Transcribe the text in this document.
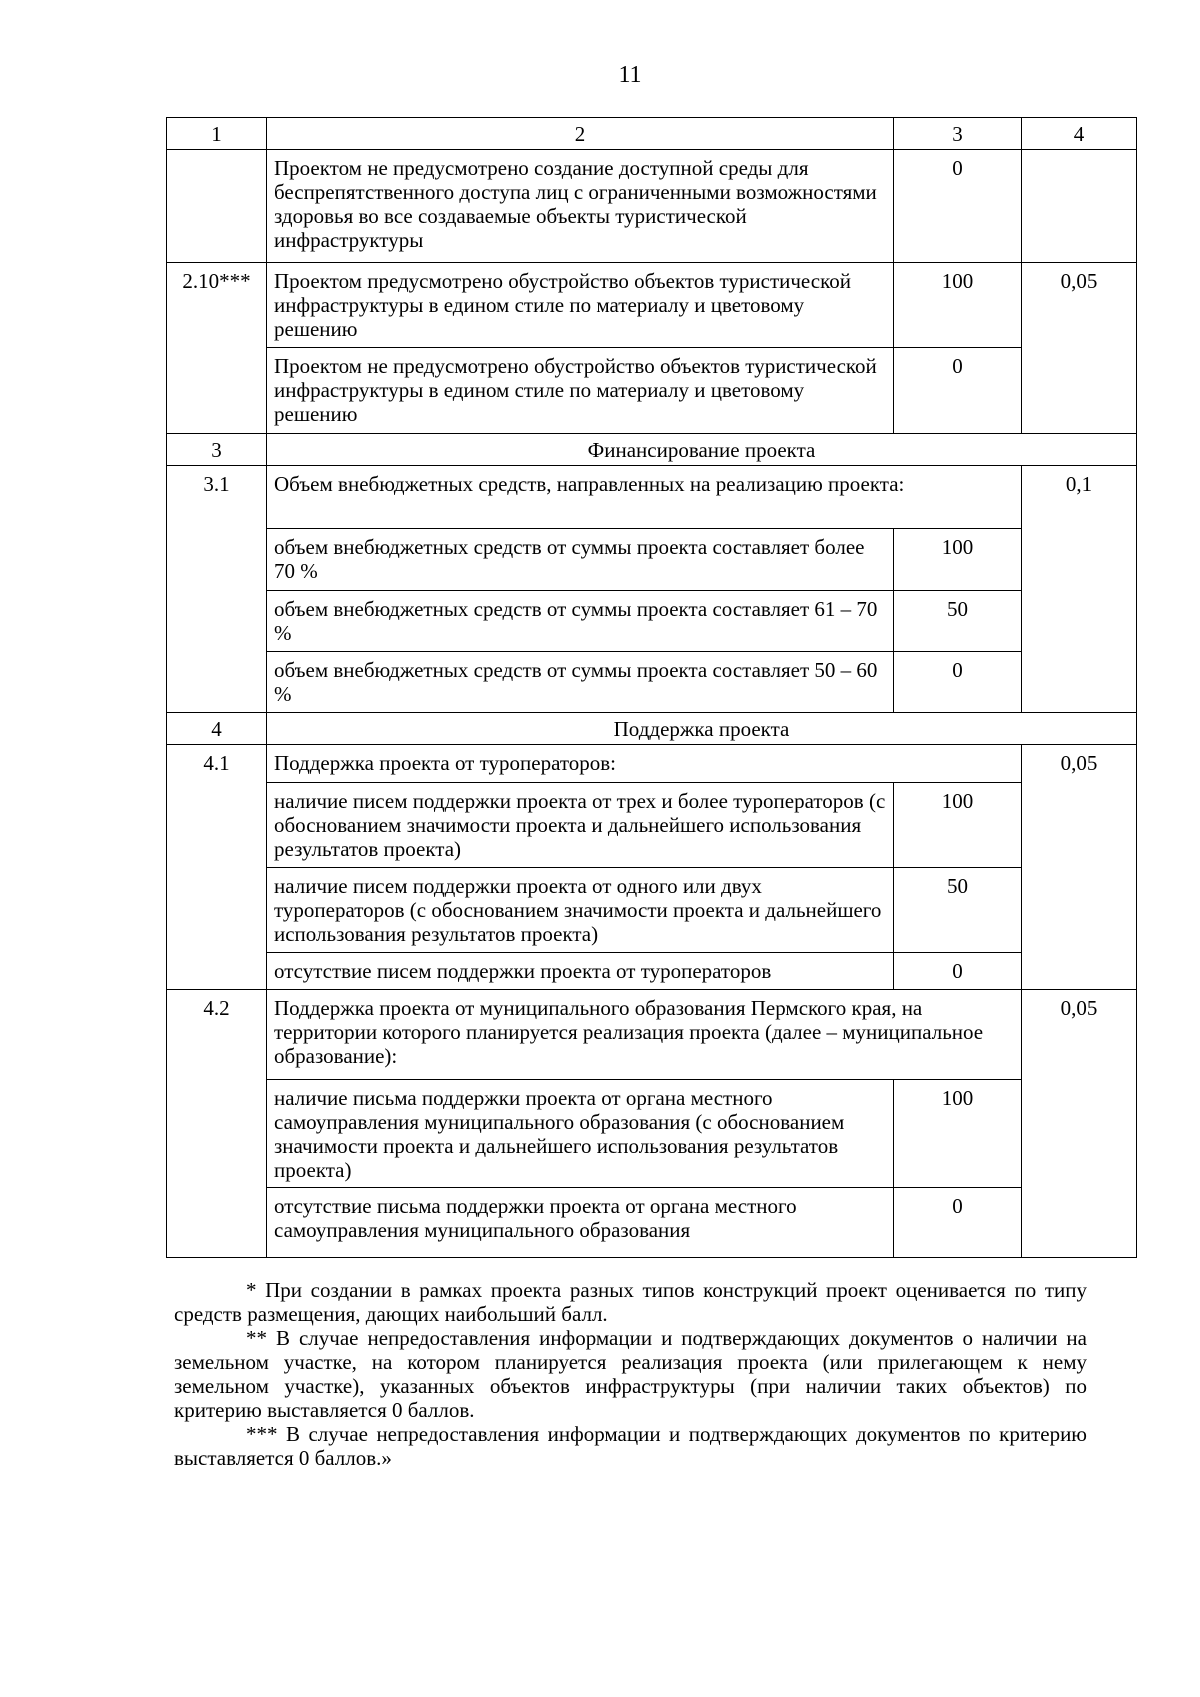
11
1	2	3	4
	Проектом не предусмотрено создание доступной среды для беспрепятственного доступа лиц с ограниченными возможностями здоровья во все создаваемые объекты туристической инфраструктуры	0	
2.10***	Проектом предусмотрено обустройство объектов туристической инфраструктуры в едином стиле по материалу и цветовому решению	100	0,05
	Проектом не предусмотрено обустройство объектов туристической инфраструктуры в едином стиле по материалу и цветовому решению	0	
3	Финансирование проекта		
3.1	Объем внебюджетных средств, направленных на реализацию проекта:		0,1
	объем внебюджетных средств от суммы проекта составляет более 70 %	100	
	объем внебюджетных средств от суммы проекта составляет 61 – 70 %	50	
	объем внебюджетных средств от суммы проекта составляет 50 – 60 %	0	
4	Поддержка проекта		
4.1	Поддержка проекта от туроператоров:		0,05
	наличие писем поддержки проекта от трех и более туроператоров (с обоснованием значимости проекта и дальнейшего использования результатов проекта)	100	
	наличие писем поддержки проекта от одного или двух туроператоров (с обоснованием значимости проекта и дальнейшего использования результатов проекта)	50	
	отсутствие писем поддержки проекта от туроператоров	0	
4.2	Поддержка проекта от муниципального образования Пермского края, на территории которого планируется реализация проекта (далее – муниципальное образование):		0,05
	наличие письма поддержки проекта от органа местного самоуправления муниципального образования (с обоснованием значимости проекта и дальнейшего использования результатов проекта)	100	
	отсутствие письма поддержки проекта от органа местного самоуправления муниципального образования	0	

* При создании в рамках проекта разных типов конструкций проект оценивается по типу средств размещения, дающих наибольший балл.

** В случае непредоставления информации и подтверждающих документов о наличии на земельном участке, на котором планируется реализация проекта (или прилегающем к нему земельном участке), указанных объектов инфраструктуры (при наличии таких объектов) по критерию выставляется 0 баллов.

*** В случае непредоставления информации и подтверждающих документов по критерию выставляется 0 баллов.»
